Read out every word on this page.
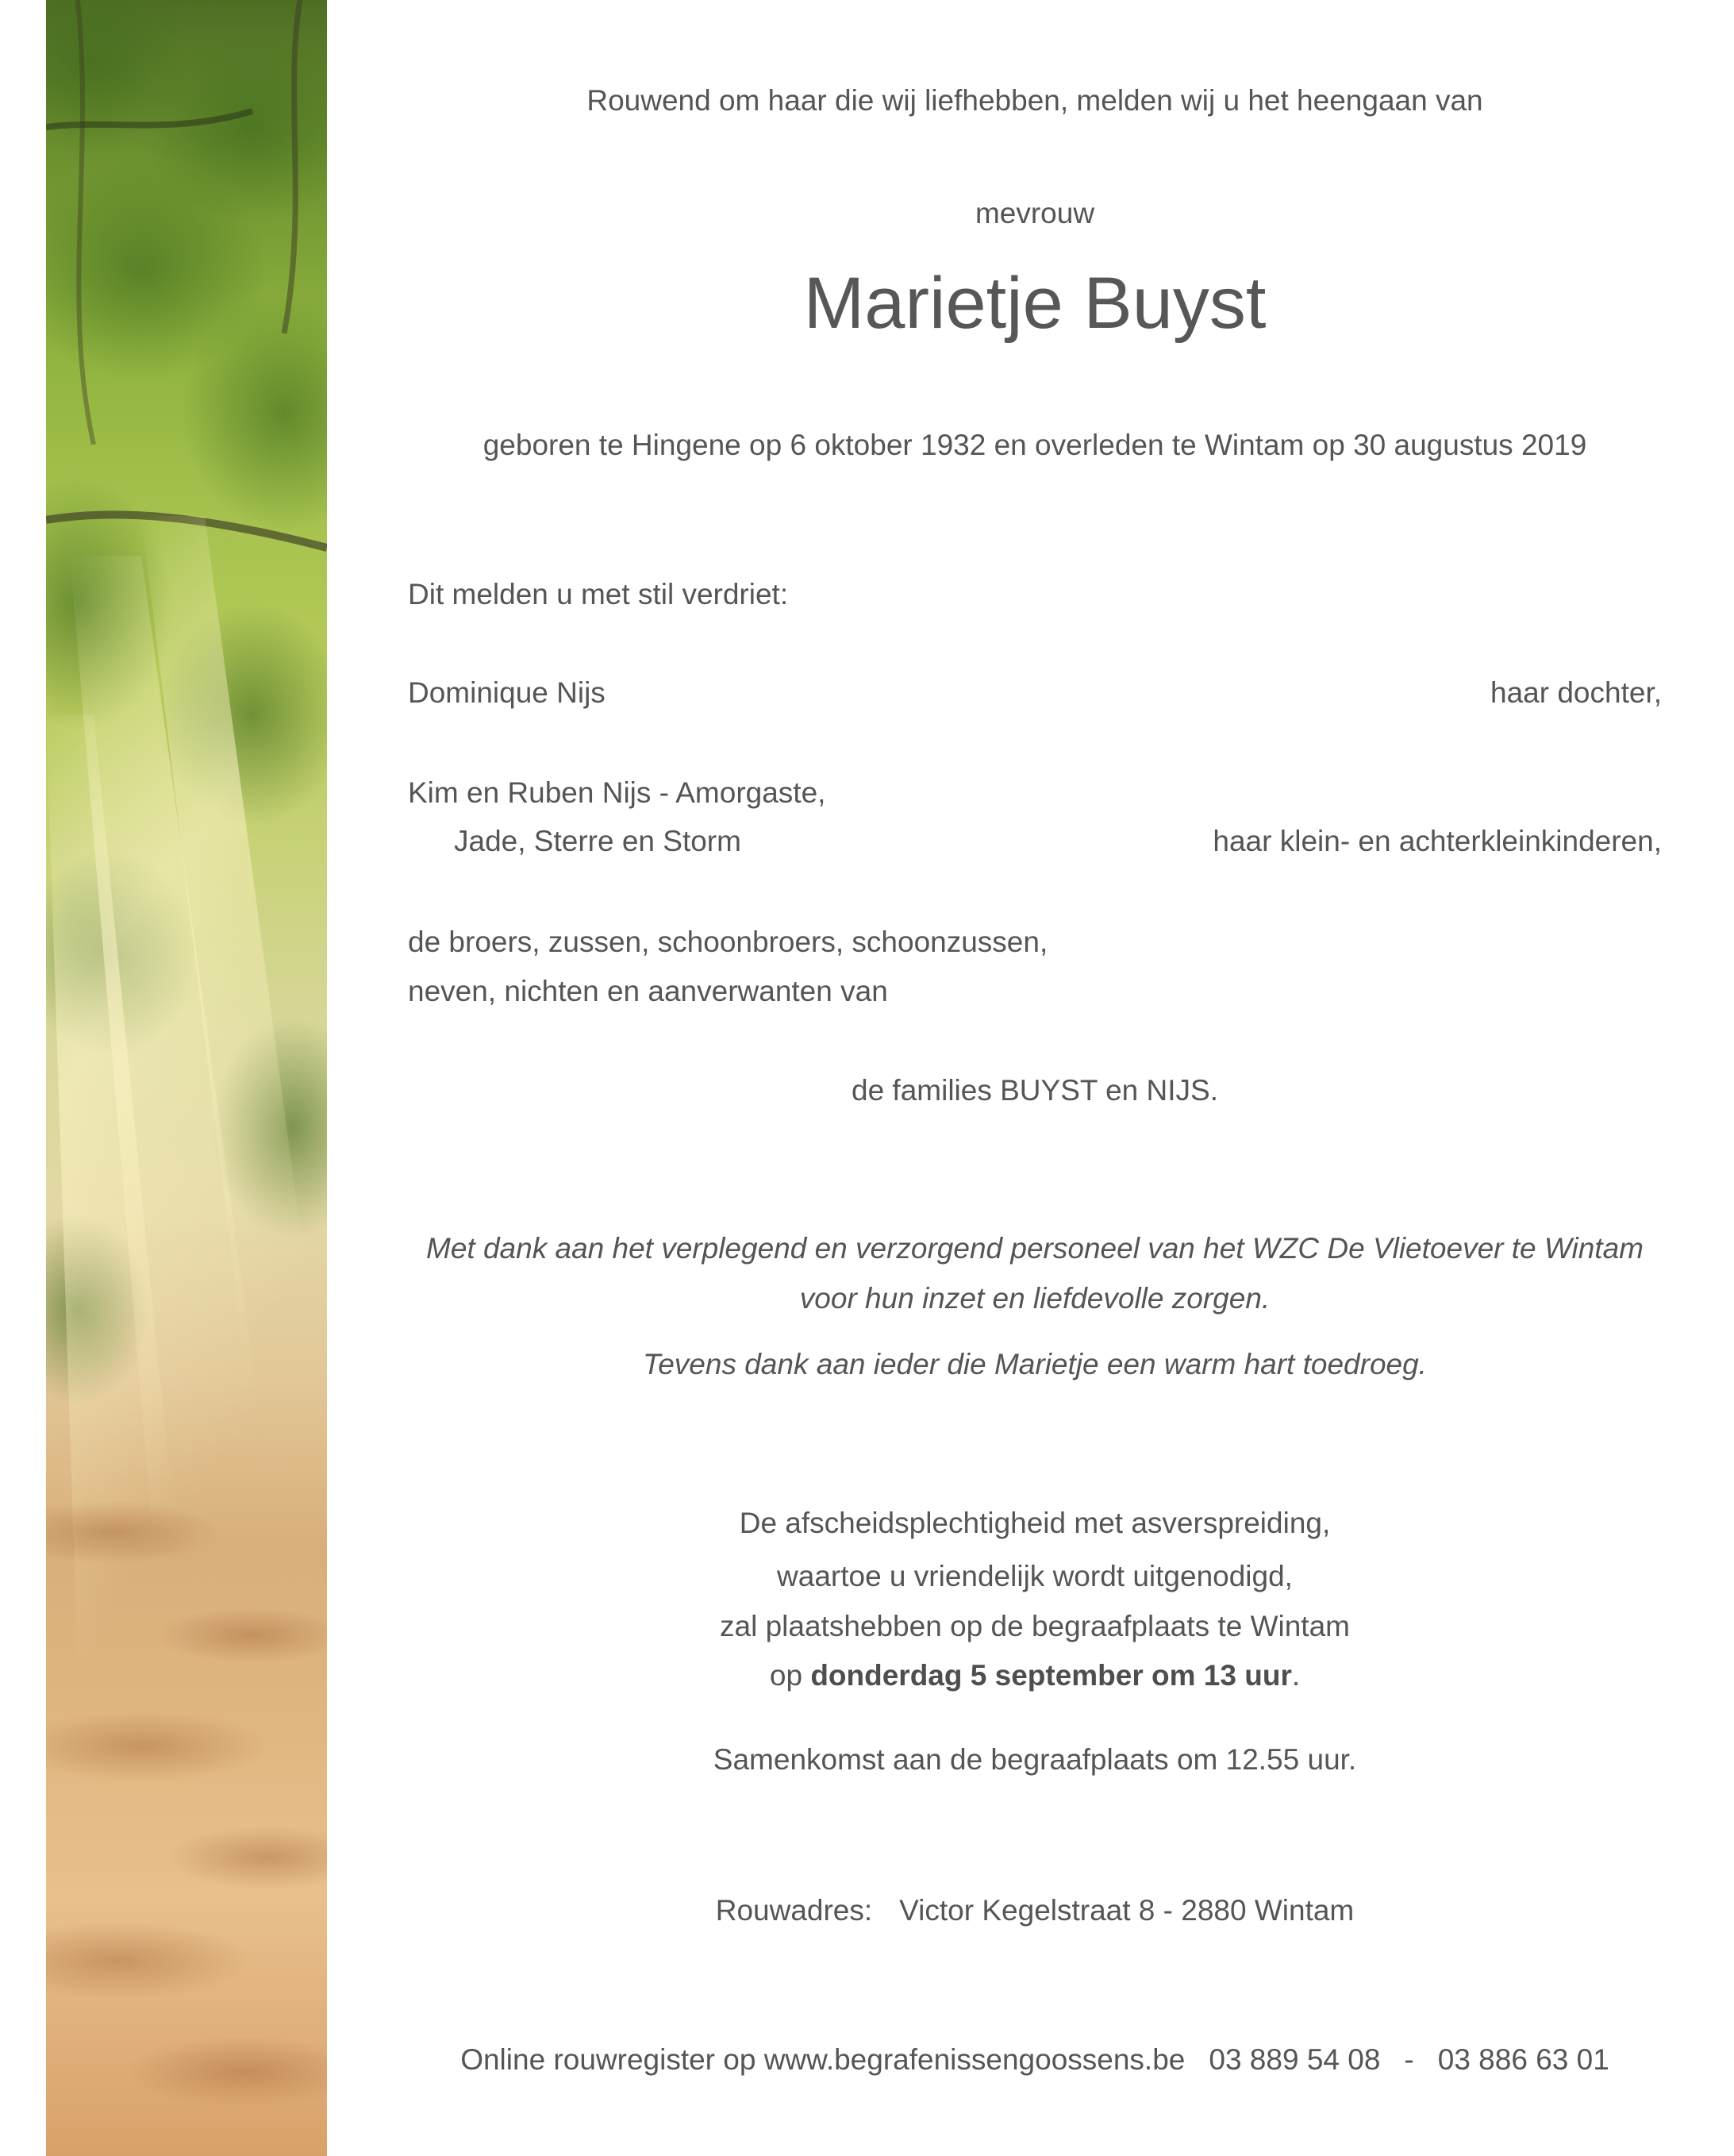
Rouwend om haar die wij liefhebben, melden wij u het heengaan van
mevrouw
Marietje Buyst
geboren te Hingene op 6 oktober 1932 en overleden te Wintam op 30 augustus 2019
Dit melden u met stil verdriet:
Dominique Nijs	haar dochter,
Kim en Ruben Nijs - Amorgaste,
Jade, Sterre en Storm	haar klein- en achterkleinkinderen,
de broers, zussen, schoonbroers, schoonzussen,
neven, nichten en aanverwanten van
de families BUYST en NIJS.
Met dank aan het verplegend en verzorgend personeel van het WZC De Vlietoever te Wintam
voor hun inzet en liefdevolle zorgen.
Tevens dank aan ieder die Marietje een warm hart toedroeg.
De afscheidsplechtigheid met asverspreiding,
waartoe u vriendelijk wordt uitgenodigd,
zal plaatshebben op de begraafplaats te Wintam
op donderdag 5 september om 13 uur.
Samenkomst aan de begraafplaats om 12.55 uur.
Rouwadres: Victor Kegelstraat 8 - 2880 Wintam
Online rouwregister op www.begrafenissengoossens.be 03 889 54 08 - 03 886 63 01
